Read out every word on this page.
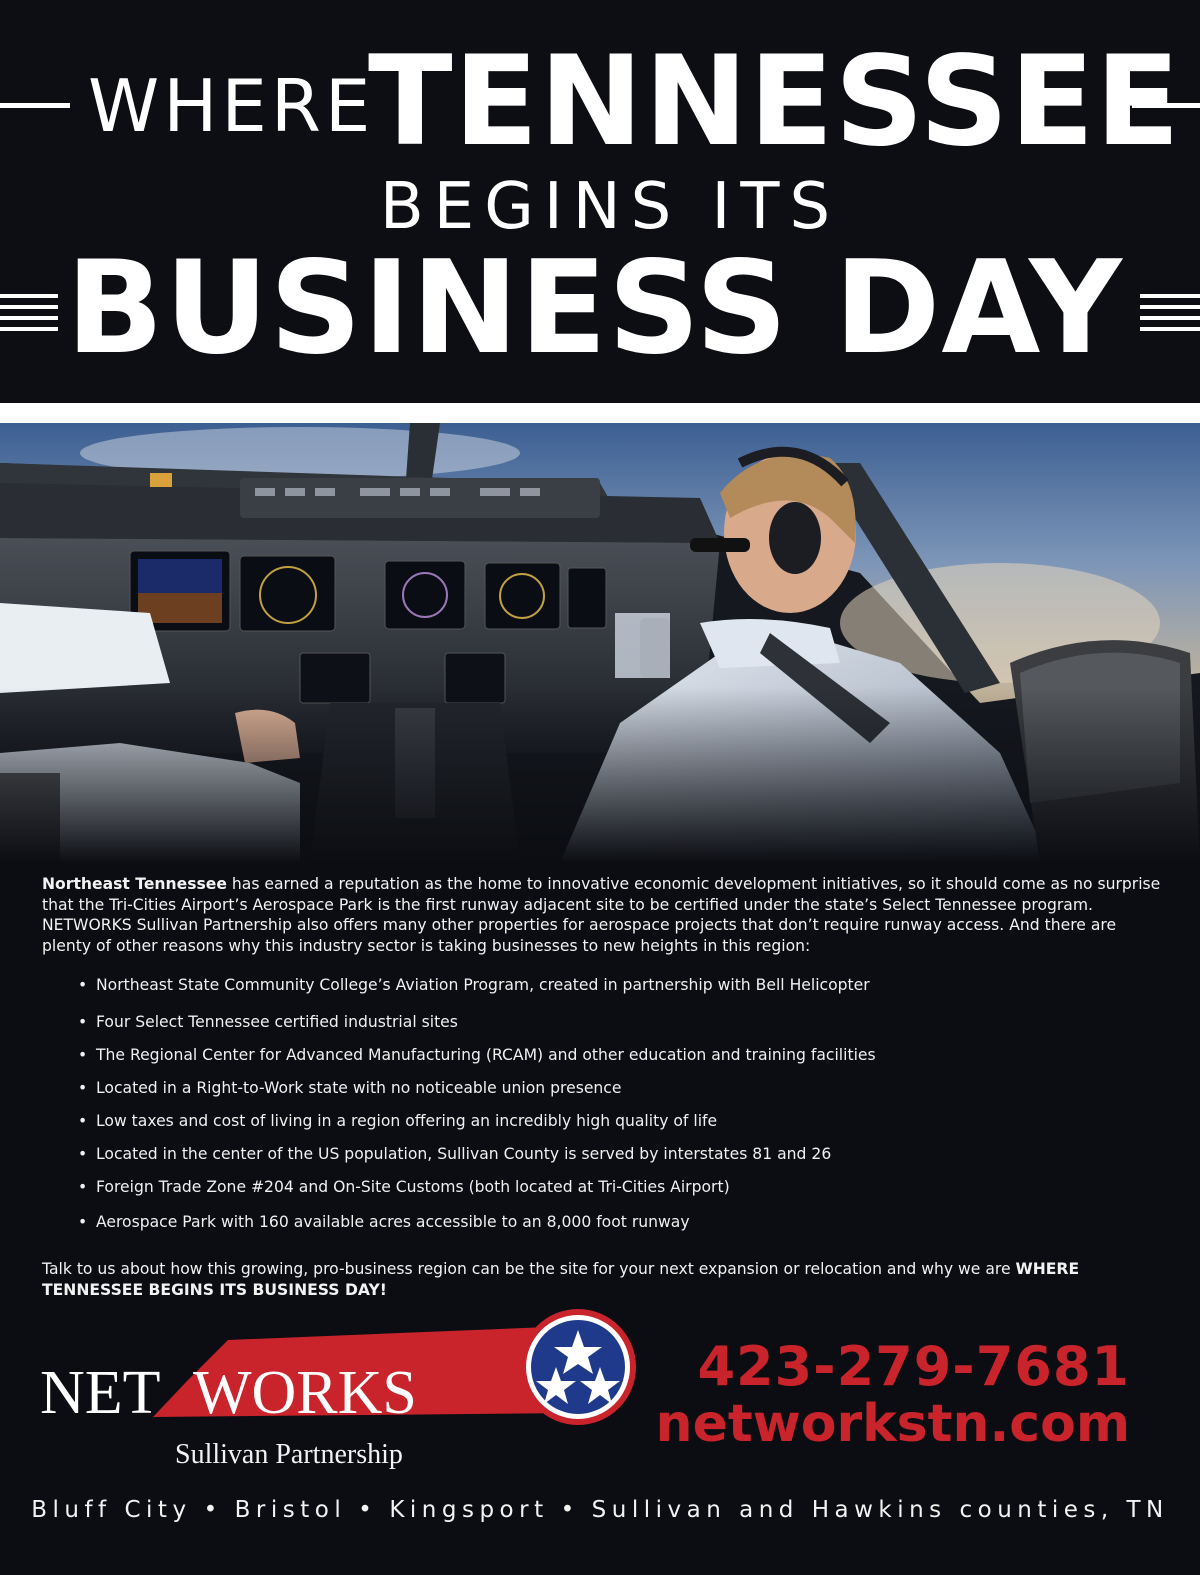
WHERE
TENNESSEE
BEGINS ITS
BUSINESS DAY
Northeast Tennessee has earned a reputation as the home to innovative economic development initiatives, so it should come as no surprise that the Tri-Cities Airport’s Aerospace Park is the first runway adjacent site to be certified under the state’s Select Tennessee program. NETWORKS Sullivan Partnership also offers many other properties for aerospace projects that don’t require runway access. And there are plenty of other reasons why this industry sector is taking businesses to new heights in this region:
• Northeast State Community College’s Aviation Program, created in partnership with Bell Helicopter
• Four Select Tennessee certified industrial sites
• The Regional Center for Advanced Manufacturing (RCAM) and other education and training facilities
• Located in a Right-to-Work state with no noticeable union presence
• Low taxes and cost of living in a region offering an incredibly high quality of life
• Located in the center of the US population, Sullivan County is served by interstates 81 and 26
• Foreign Trade Zone #204 and On-Site Customs (both located at Tri-Cities Airport)
• Aerospace Park with 160 available acres accessible to an 8,000 foot runway
Talk to us about how this growing, pro-business region can be the site for your next expansion or relocation and why we are WHERE TENNESSEE BEGINS ITS BUSINESS DAY!
NET WORKS
Sullivan Partnership
423-279-7681
networkstn.com
Bluff City • Bristol • Kingsport • Sullivan and Hawkins counties, TN
